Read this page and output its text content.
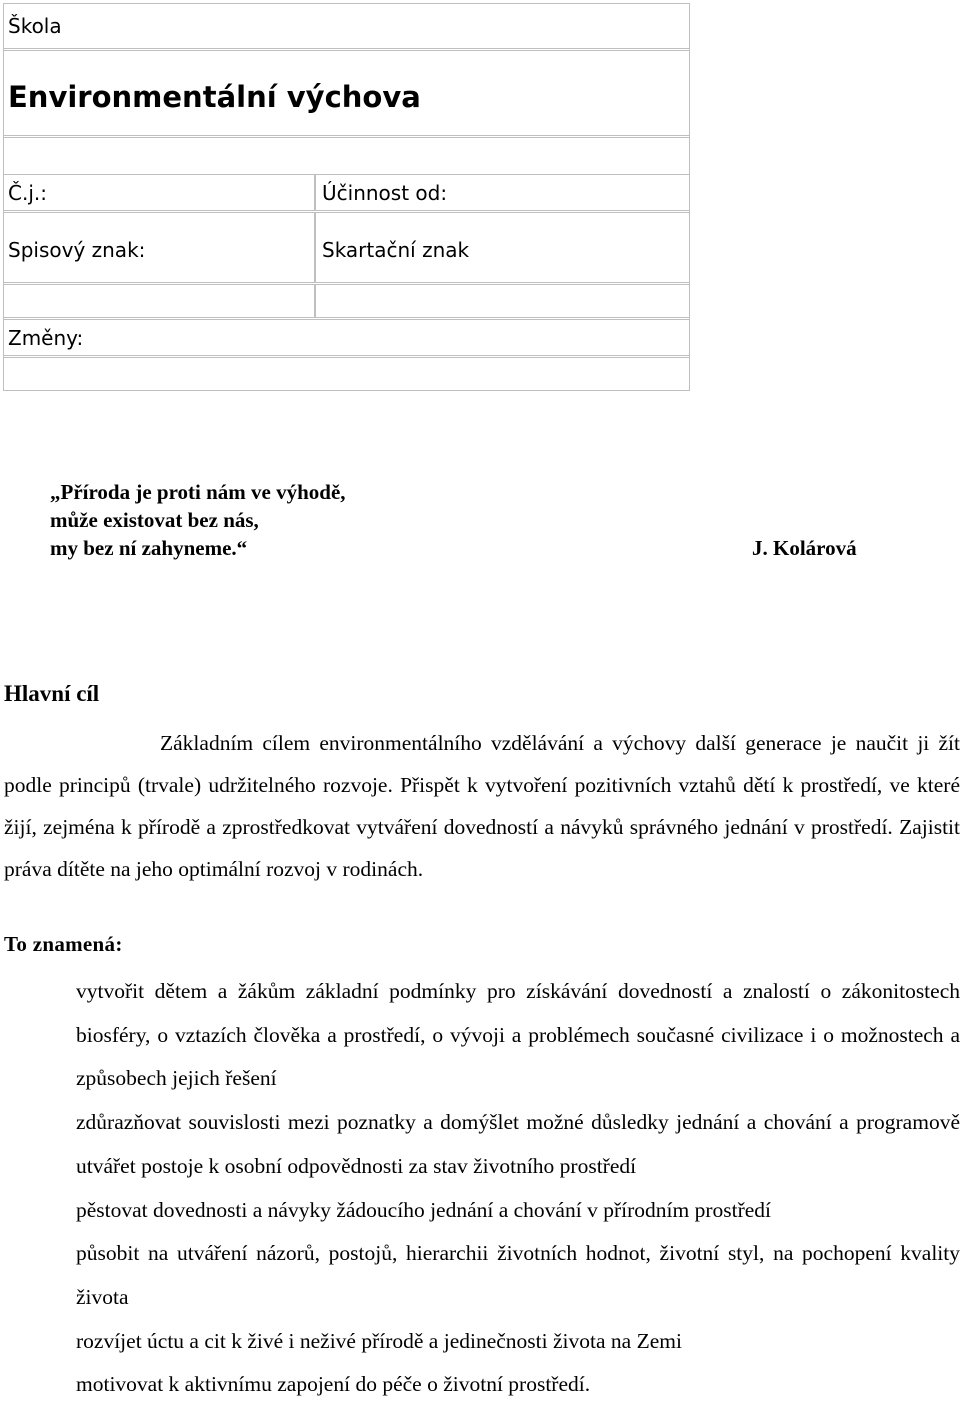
Škola
Environmentální výchova
Č.j.:	Účinnost od:
Spisový znak:	Skartační znak
Změny:
„Příroda je proti nám ve výhodě,
může existovat bez nás,
my bez ní zahyneme.“	J. Kolárová
Hlavní cíl
Základním cílem environmentálního vzdělávání a výchovy další generace je naučit ji žít podle principů (trvale) udržitelného rozvoje. Přispět k vytvoření pozitivních vztahů dětí k prostředí, ve které žijí, zejména k přírodě a zprostředkovat vytváření dovedností a návyků správného jednání v prostředí. Zajistit práva dítěte na jeho optimální rozvoj v rodinách.
To znamená:
vytvořit dětem a žákům základní podmínky pro získávání dovedností a znalostí o zákonitostech biosféry, o vztazích člověka a prostředí, o vývoji a problémech současné civilizace i o možnostech a způsobech jejich řešení
zdůrazňovat souvislosti mezi poznatky a domýšlet možné důsledky jednání a chování a programově utvářet postoje k osobní odpovědnosti za stav životního prostředí
pěstovat dovednosti a návyky žádoucího jednání a chování v přírodním prostředí
působit na utváření názorů, postojů, hierarchii životních hodnot, životní styl, na pochopení kvality života
rozvíjet úctu a cit k živé i neživé přírodě a jedinečnosti života na Zemi
motivovat k aktivnímu zapojení do péče o životní prostředí.
